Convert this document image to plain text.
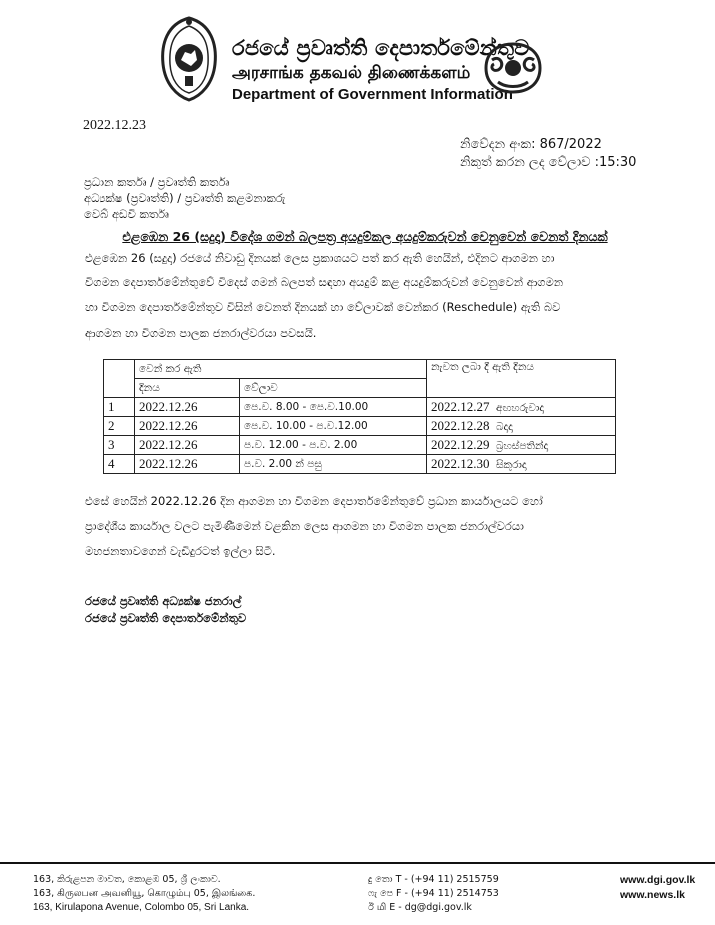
රජයේ ප්‍රවෘත්ති දෙපාර්තමේන්තුව
அரசாங்க தகவல் திணைக்களம்
Department of Government Information
2022.12.23
නිවේදන අංක: 867/2022
නිකුත් කරන ලද වේලාව :15:30
ප්‍රධාන කර්තෘ / ප්‍රවෘත්ති කර්තෘ
අධ්‍යක්ෂ (ප්‍රවෘත්ති) / ප්‍රවෘත්ති කළමනාකරු
වෙබ් අඩවි කර්තෘ
එළඹෙන 26 (සදුදා) විදේශ ගමන් බලපත්‍ර අයදුම්කල අයදුම්කරුවන් වෙනුවෙන් වෙනත් දිනයක්
එළඹෙන 26 (සදුදා) රජයේ නිවාඩු දිනයක් ලෙස ප්‍රකාශයට පත් කර ඇති හෙයින්, එදිනට ආගමන හා
විගමන දෙපාර්තමේන්තුවේ විදෙස් ගමන් බලපත් සඳහා අයදුම් කළ අයදුම්කරුවන් වෙනුවෙන් ආගමන
හා විගමන දෙපාර්තමේන්තුව විසින් වෙනත් දිනයක් හා වේලාවක් වෙන්කර (Reschedule) ඇති බව
ආගමන හා විගමන පාලක ජනරාල්වරයා පවසයි.
	වෙන් කර ඇති		නැවත ලබා දී ඇති දිනය
	දිනය	වේලාව	
1	2022.12.26	පෙ.ව. 8.00 - පෙ.ව.10.00	2022.12.27 අඟහරුවාදා
2	2022.12.26	පෙ.ව. 10.00 - ප.ව.12.00	2022.12.28 බදාදා
3	2022.12.26	ප.ව. 12.00 - ප.ව. 2.00	2022.12.29 බ්‍රහස්පතින්දා
4	2022.12.26	ප.ව. 2.00 න් පසු	2022.12.30 සිකුරාදා
එසේ හෙයින් 2022.12.26 දින ආගමන හා විගමන දෙපාර්තමේන්තුවේ ප්‍රධාන කාර්යාලයට හෝ
ප්‍රාදේශීය කාර්යාල වලට පැමිණීමෙන් වළකින ලෙස ආගමන හා විගමන පාලක ජනරාල්වරයා
මහජනතාවගෙන් වැඩිදුරටත් ඉල්ලා සිටී.
රජයේ ප්‍රවෘත්ති අධ්‍යක්ෂ ජනරාල්
රජයේ ප්‍රවෘත්ති දෙපාර්තමේන්තුව
163, කිරුළපන මාවත, කොළඹ 05, ශ්‍රී ලංකාව.
163, கிருலபன அவனியூ, கொழும்பு 05, இலங்கை.
163, Kirulapona Avenue, Colombo 05, Sri Lanka.
දු තො T - (+94 11) 2515759
ෆැ පෙ F - (+94 11) 2514753
ඊ மி E - dg@dgi.gov.lk
www.dgi.gov.lk
www.news.lk
